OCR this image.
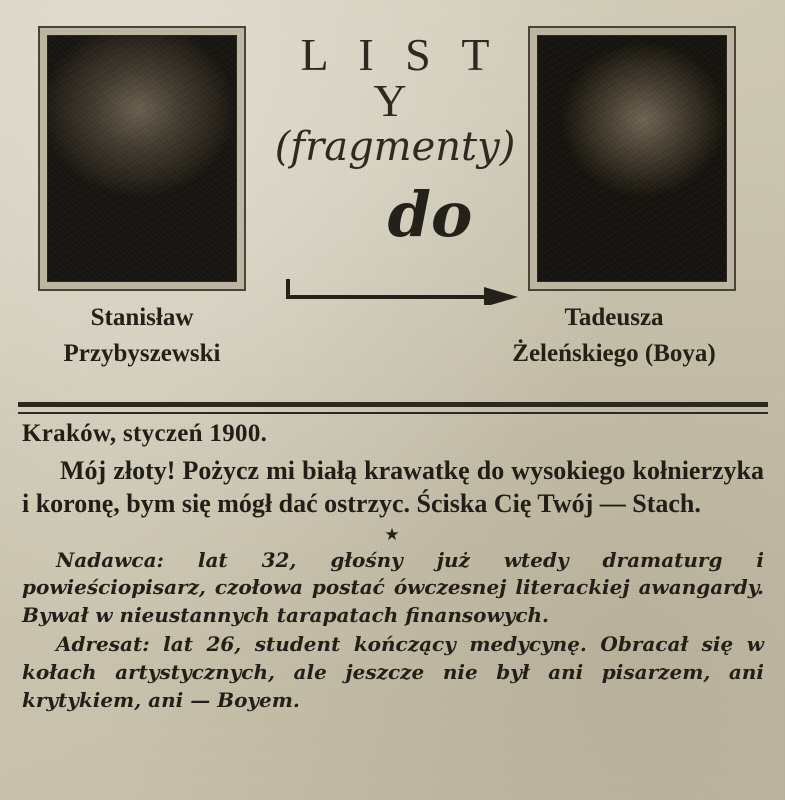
L I S T Y
(fragmenty)
do
Stanisław
Przybyszewski
Tadeusza
Żeleńskiego (Boya)
Kraków, styczeń 1900.
Mój złoty! Pożycz mi białą krawatkę do wysokiego kołnierzyka i koronę, bym się mógł dać ostrzyc. Ściska Cię Twój — Stach.
★
Nadawca: lat 32, głośny już wtedy dramaturg i powieściopisarz, czołowa postać ówczesnej literackiej awangardy. Bywał w nieustannych tarapatach finansowych.
Adresat: lat 26, student kończący medycynę. Obracał się w kołach artystycznych, ale jeszcze nie był ani pisarzem, ani krytykiem, ani — Boyem.
